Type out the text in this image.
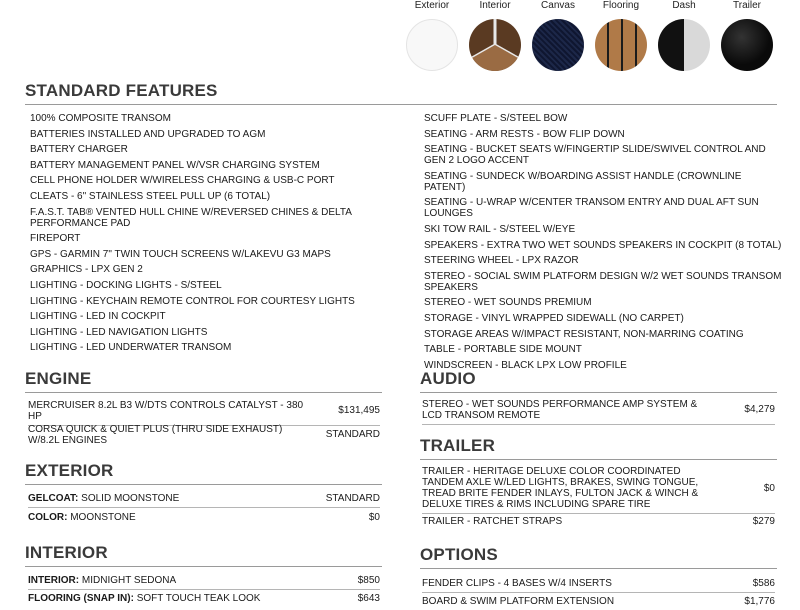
Exterior	Interior	Canvas	Flooring	Dash	Trailer
STANDARD FEATURES
100% COMPOSITE TRANSOM
BATTERIES INSTALLED AND UPGRADED TO AGM
BATTERY CHARGER
BATTERY MANAGEMENT PANEL W/VSR CHARGING SYSTEM
CELL PHONE HOLDER W/WIRELESS CHARGING & USB-C PORT
CLEATS - 6" STAINLESS STEEL PULL UP (6 TOTAL)
F.A.S.T. TAB® VENTED HULL CHINE W/REVERSED CHINES & DELTA PERFORMANCE PAD
FIREPORT
GPS - GARMIN 7" TWIN TOUCH SCREENS W/LAKEVU G3 MAPS
GRAPHICS - LPX GEN 2
LIGHTING - DOCKING LIGHTS - S/STEEL
LIGHTING - KEYCHAIN REMOTE CONTROL FOR COURTESY LIGHTS
LIGHTING - LED IN COCKPIT
LIGHTING - LED NAVIGATION LIGHTS
LIGHTING - LED UNDERWATER TRANSOM
SCUFF PLATE - S/STEEL BOW
SEATING - ARM RESTS - BOW FLIP DOWN
SEATING - BUCKET SEATS W/FINGERTIP SLIDE/SWIVEL CONTROL AND GEN 2 LOGO ACCENT
SEATING - SUNDECK W/BOARDING ASSIST HANDLE (CROWNLINE PATENT)
SEATING - U-WRAP W/CENTER TRANSOM ENTRY AND DUAL AFT SUN LOUNGES
SKI TOW RAIL - S/STEEL W/EYE
SPEAKERS - EXTRA TWO WET SOUNDS SPEAKERS IN COCKPIT (8 TOTAL)
STEERING WHEEL - LPX RAZOR
STEREO - SOCIAL SWIM PLATFORM DESIGN W/2 WET SOUNDS TRANSOM SPEAKERS
STEREO - WET SOUNDS PREMIUM
STORAGE - VINYL WRAPPED SIDEWALL (NO CARPET)
STORAGE AREAS W/IMPACT RESISTANT, NON-MARRING COATING
TABLE - PORTABLE SIDE MOUNT
WINDSCREEN - BLACK LPX LOW PROFILE
ENGINE
MERCRUISER 8.2L B3 W/DTS CONTROLS CATALYST - 380 HP
$131,495
CORSA QUICK & QUIET PLUS (THRU SIDE EXHAUST) W/8.2L ENGINES
STANDARD
AUDIO
STEREO - WET SOUNDS PERFORMANCE AMP SYSTEM & LCD TRANSOM REMOTE
$4,279
EXTERIOR
GELCOAT: SOLID MOONSTONE	STANDARD
COLOR: MOONSTONE	$0
TRAILER
TRAILER - HERITAGE DELUXE COLOR COORDINATED TANDEM AXLE W/LED LIGHTS, BRAKES, SWING TONGUE, TREAD BRITE FENDER INLAYS, FULTON JACK & WINCH & DELUXE TIRES & RIMS INCLUDING SPARE TIRE
$0
TRAILER - RATCHET STRAPS	$279
INTERIOR
INTERIOR: MIDNIGHT SEDONA	$850
FLOORING (SNAP IN): SOFT TOUCH TEAK LOOK	$643
OPTIONS
FENDER CLIPS - 4 BASES W/4 INSERTS	$586
BOARD & SWIM PLATFORM EXTENSION	$1,776
